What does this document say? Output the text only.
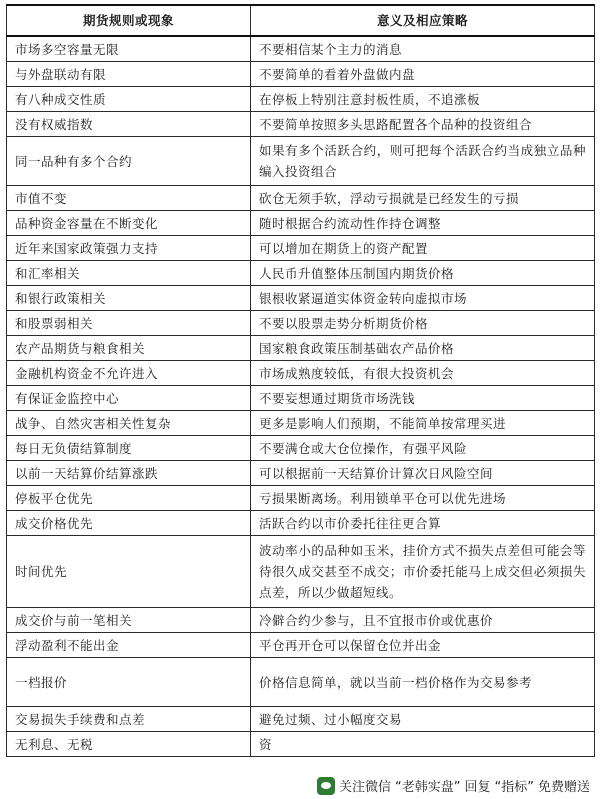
期货规则或现象	意义及相应策略
市场多空容量无限	不要相信某个主力的消息
与外盘联动有限	不要简单的看着外盘做内盘
有八种成交性质	在停板上特别注意封板性质，不追涨板
没有权威指数	不要简单按照多头思路配置各个品种的投资组合
同一品种有多个合约	如果有多个活跃合约，则可把每个活跃合约当成独立品种编入投资组合
市值不变	砍仓无须手软，浮动亏损就是已经发生的亏损
品种资金容量在不断变化	随时根据合约流动性作持仓调整
近年来国家政策强力支持	可以增加在期货上的资产配置
和汇率相关	人民币升值整体压制国内期货价格
和银行政策相关	银根收紧逼道实体资金转向虚拟市场
和股票弱相关	不要以股票走势分析期货价格
农产品期货与粮食相关	国家粮食政策压制基础农产品价格
金融机构资金不允许进入	市场成熟度较低，有很大投资机会
有保证金监控中心	不要妄想通过期货市场洗钱
战争、自然灾害相关性复杂	更多是影响人们预期，不能简单按常理买进
每日无负债结算制度	不要满仓或大仓位操作，有强平风险
以前一天结算价结算涨跌	可以根据前一天结算价计算次日风险空间
停板平仓优先	亏损果断离场。利用锁单平仓可以优先进场
成交价格优先	活跃合约以市价委托往往更合算
时间优先	波动率小的品种如玉米，挂价方式不损失点差但可能会等待很久成交甚至不成交；市价委托能马上成交但必须损失点差，所以少做超短线。
成交价与前一笔相关	冷僻合约少参与，且不宜报市价或优惠价
浮动盈利不能出金	平仓再开仓可以保留仓位并出金
一档报价	价格信息简单，就以当前一档价格作为交易参考
交易损失手续费和点差	避免过频、过小幅度交易
无利息、无税	资
关注微信 “老韩实盘” 回复 “指标” 免费赠送
